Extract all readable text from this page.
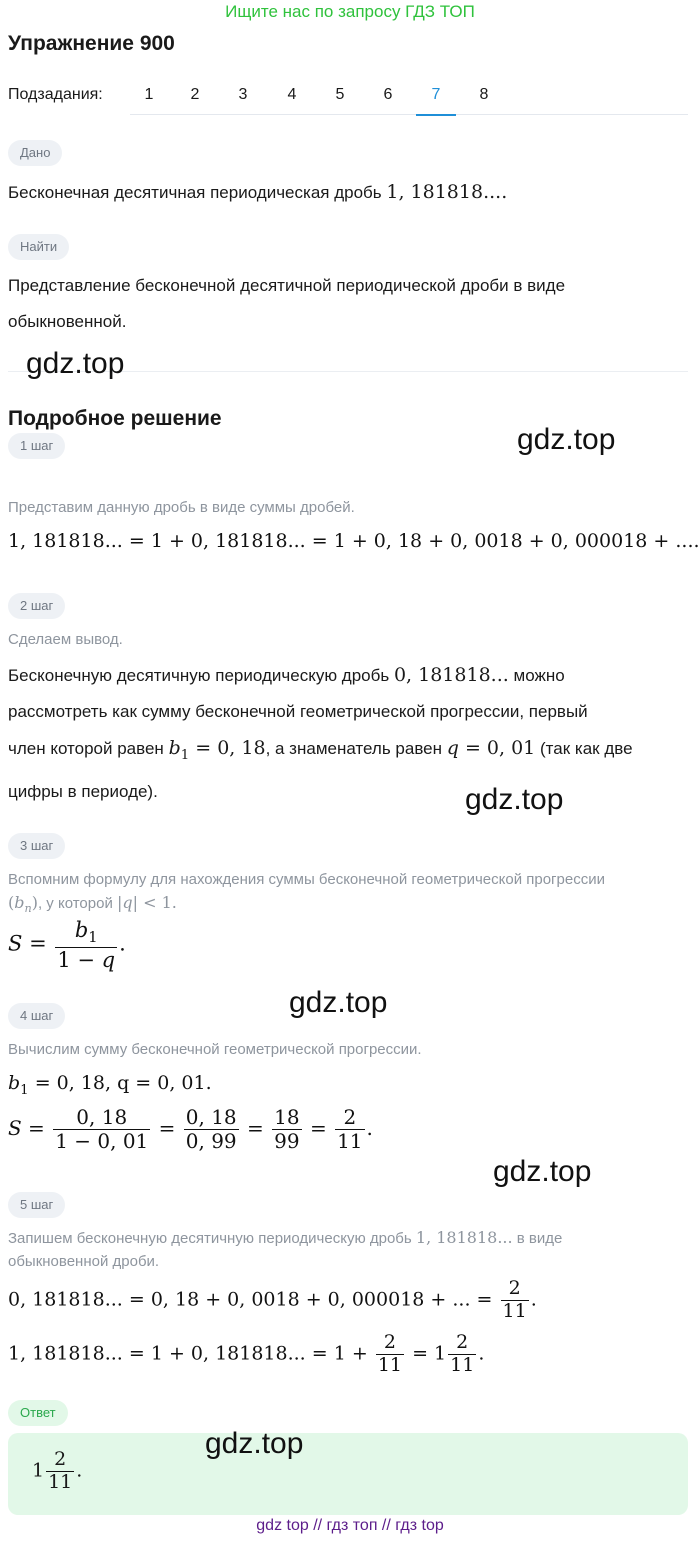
Ищите нас по запросу ГДЗ ТОП
Упражнение 900
Подзадания:	1	2	3	4	5	6	7	8
Дано
Бесконечная десятичная периодическая дробь 1, 181818....
Найти
Представление бесконечной десятичной периодической дроби в виде
обыкновенной.
Подробное решение
1 шаг
Представим данную дробь в виде суммы дробей.
1, 181818... = 1 + 0, 181818... = 1 + 0, 18 + 0, 0018 + 0, 000018 + ....
2 шаг
Сделаем вывод.
Бесконечную десятичную периодическую дробь 0, 181818... можно
рассмотреть как сумму бесконечной геометрической прогрессии, первый
член которой равен $b_1 = 0$, 18, а знаменатель равен q = 0, 01 (так как две
цифры в периоде).
3 шаг
Вспомним формулу для нахождения суммы бесконечной геометрической прогрессии
$(b_n)$, у которой |q| < 1.
$S = \frac{b_1}{1 - q}$ .
4 шаг
Вычислим сумму бесконечной геометрической прогрессии.
$b_1 = 0$, 18, q = 0, 01.
$S = \frac{0, 18}{1 - 0, 01} = \frac{0, 18}{0, 99} = \frac{18}{99} = \frac{2}{11}$ .
5 шаг
Запишем бесконечную десятичную периодическую дробь 1, 181818... в виде
обыкновенной дроби.
0, 181818... = 0, 18 + 0, 0018 + 0, 000018 + ... = $\frac{2}{11}$ .
1, 181818... = 1 + 0, 181818... = $1 + \frac{2}{11} = 1 \frac{2}{11}$ .
Ответ
$1 \frac{2}{11}$ .
gdz.top
gdz.top
gdz.top
gdz.top
gdz.top
gdz.top
gdz top // гдз топ // гдз top
